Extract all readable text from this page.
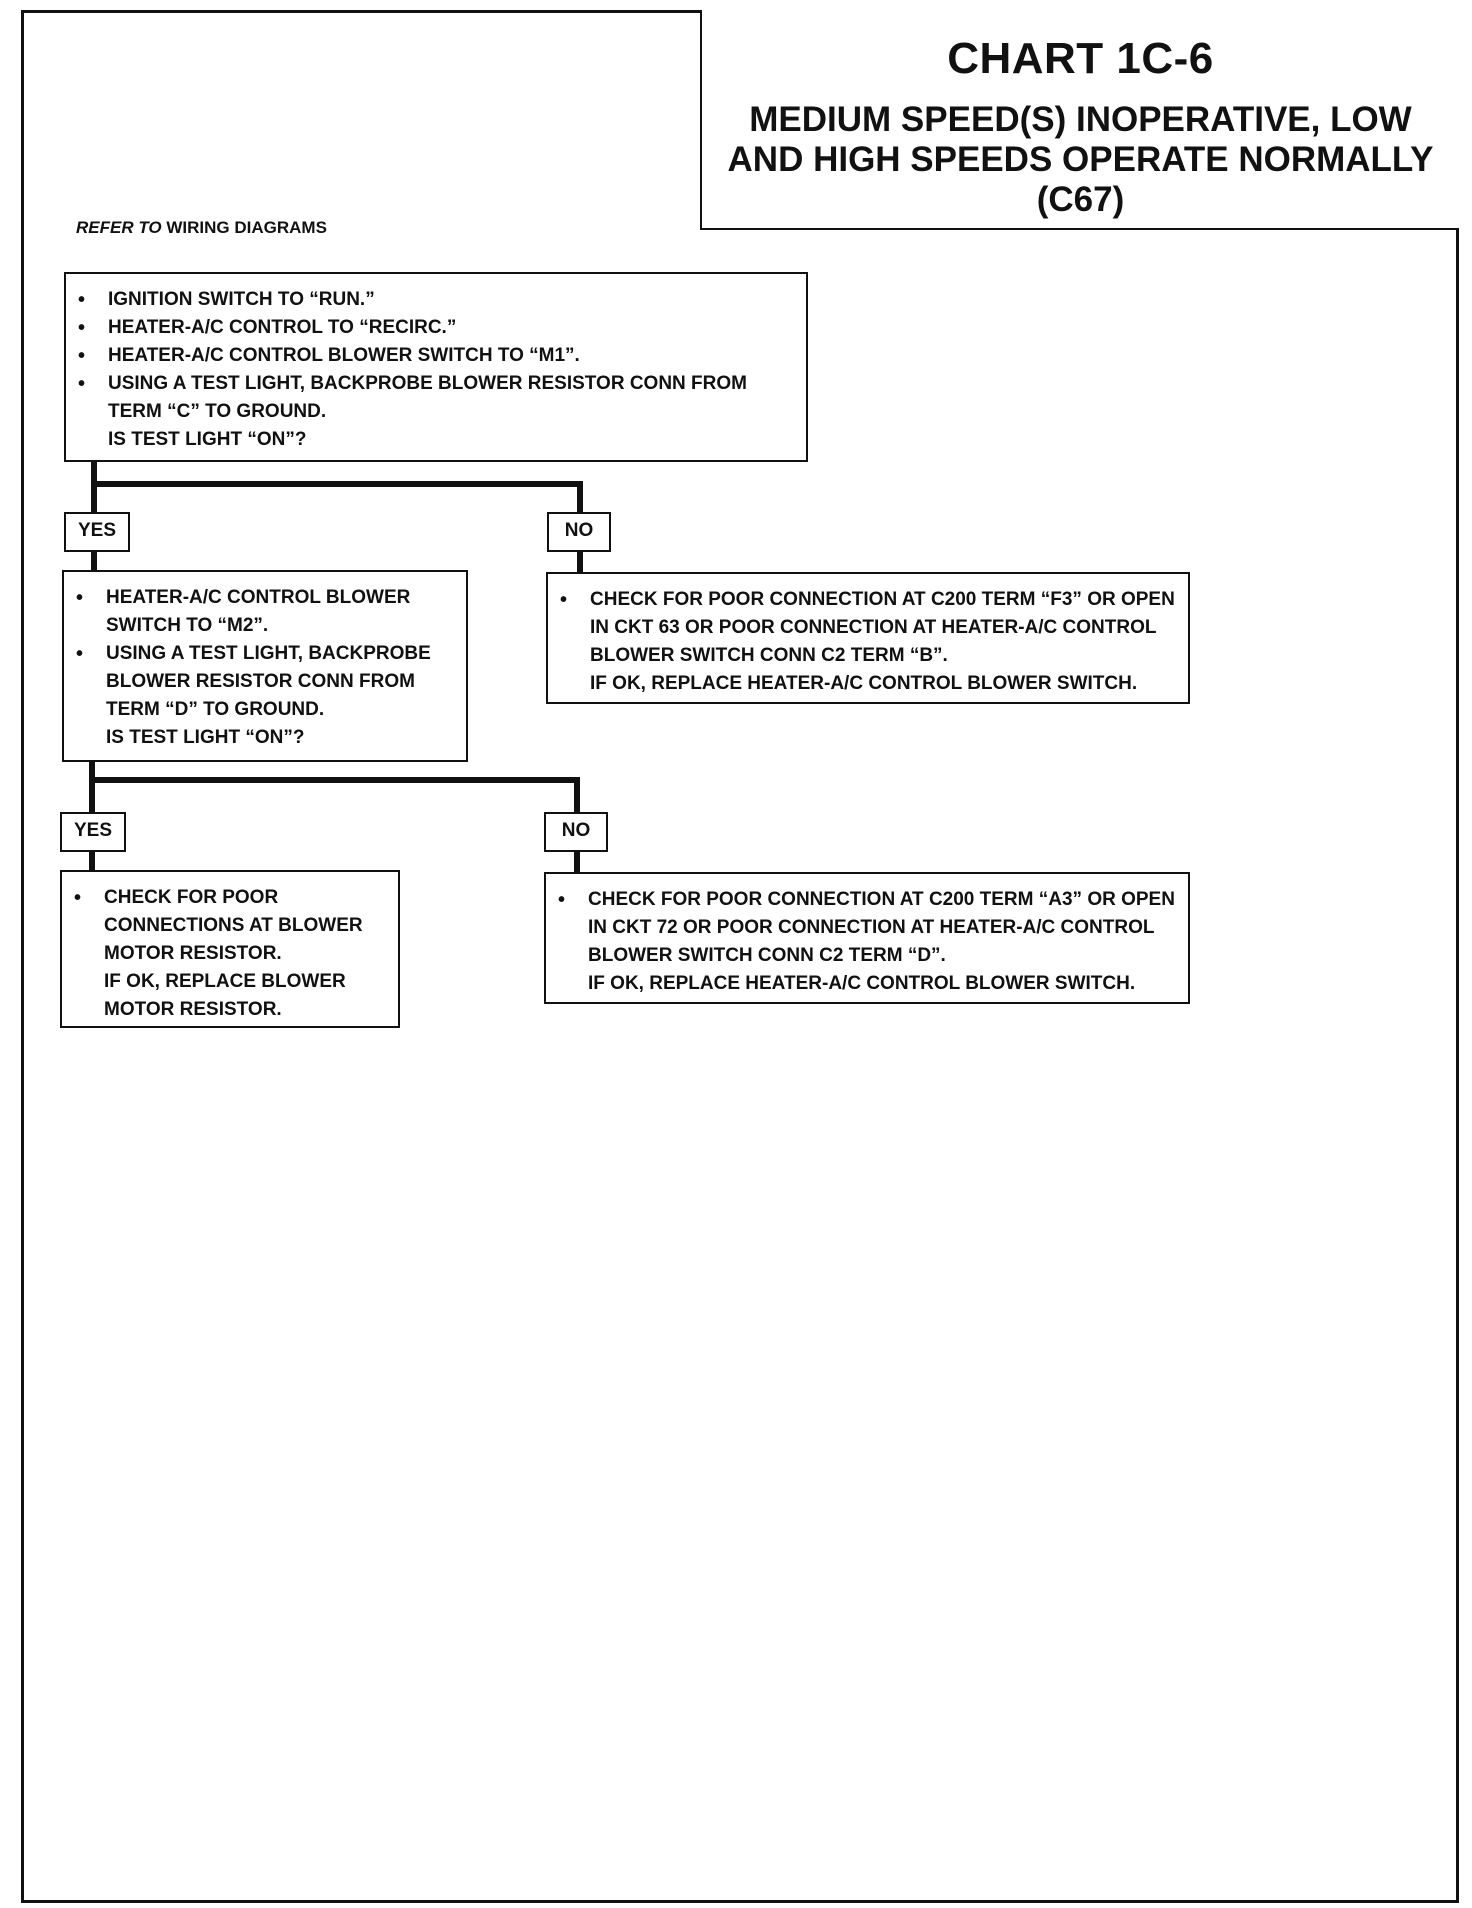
CHART 1C-6
MEDIUM SPEED(S) INOPERATIVE, LOW
AND HIGH SPEEDS OPERATE NORMALLY
(C67)
REFER TO WIRING DIAGRAMS
• IGNITION SWITCH TO “RUN.”
• HEATER-A/C CONTROL TO “RECIRC.”
• HEATER-A/C CONTROL BLOWER SWITCH TO “M1”.
• USING A TEST LIGHT, BACKPROBE BLOWER RESISTOR CONN FROM TERM “C” TO GROUND.
IS TEST LIGHT “ON”?
YES	NO
• HEATER-A/C CONTROL BLOWER SWITCH TO “M2”.
• USING A TEST LIGHT, BACKPROBE BLOWER RESISTOR CONN FROM TERM “D” TO GROUND.
IS TEST LIGHT “ON”?
• CHECK FOR POOR CONNECTION AT C200 TERM “F3” OR OPEN IN CKT 63 OR POOR CONNECTION AT HEATER-A/C CONTROL BLOWER SWITCH CONN C2 TERM “B”.
IF OK, REPLACE HEATER-A/C CONTROL BLOWER SWITCH.
YES	NO
• CHECK FOR POOR CONNECTIONS AT BLOWER MOTOR RESISTOR.
IF OK, REPLACE BLOWER MOTOR RESISTOR.
• CHECK FOR POOR CONNECTION AT C200 TERM “A3” OR OPEN IN CKT 72 OR POOR CONNECTION AT HEATER-A/C CONTROL BLOWER SWITCH CONN C2 TERM “D”.
IF OK, REPLACE HEATER-A/C CONTROL BLOWER SWITCH.
